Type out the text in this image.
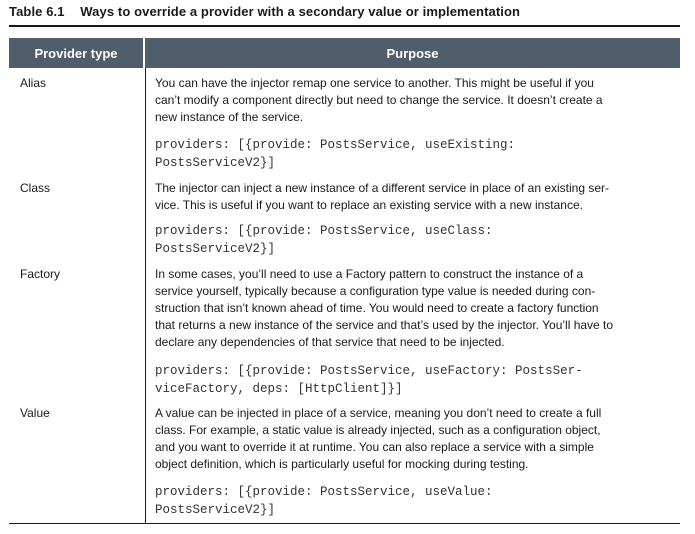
Table 6.1 Ways to override a provider with a secondary value or implementation
Provider type	Purpose
Alias	You can have the injector remap one service to another. This might be useful if you
can’t modify a component directly but need to change the service. It doesn’t create a
new instance of the service.
providers: [{provide: PostsService, useExisting:
PostsServiceV2}]
Class	The injector can inject a new instance of a different service in place of an existing ser-
vice. This is useful if you want to replace an existing service with a new instance.
providers: [{provide: PostsService, useClass:
PostsServiceV2}]
Factory	In some cases, you’ll need to use a Factory pattern to construct the instance of a
service yourself, typically because a configuration type value is needed during con-
struction that isn’t known ahead of time. You would need to create a factory function
that returns a new instance of the service and that’s used by the injector. You’ll have to
declare any dependencies of that service that need to be injected.
providers: [{provide: PostsService, useFactory: PostsSer-
viceFactory, deps: [HttpClient]}]
Value	A value can be injected in place of a service, meaning you don’t need to create a full
class. For example, a static value is already injected, such as a configuration object,
and you want to override it at runtime. You can also replace a service with a simple
object definition, which is particularly useful for mocking during testing.
providers: [{provide: PostsService, useValue:
PostsServiceV2}]
